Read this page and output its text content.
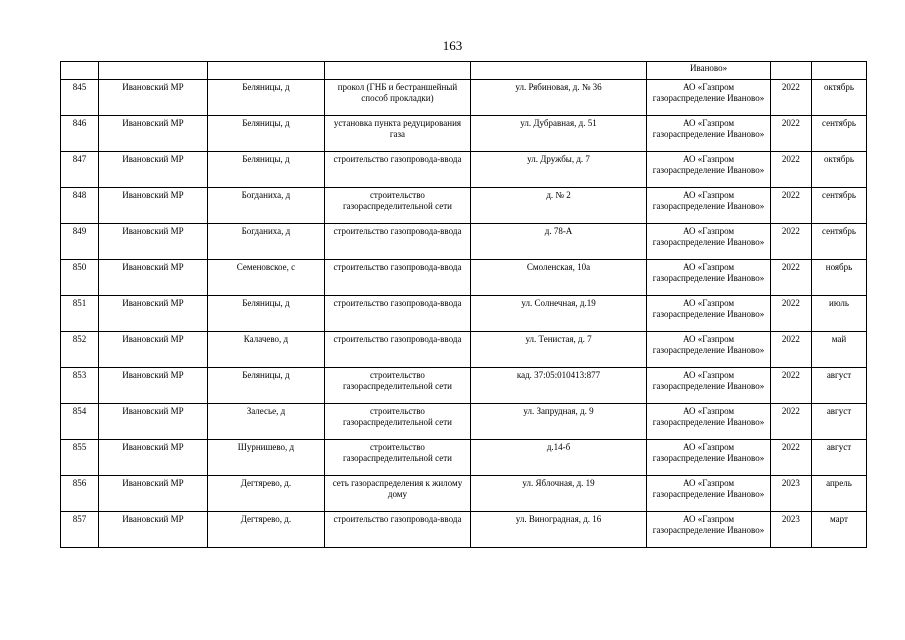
163
					Иваново»		
845	Ивановский МР	Беляницы, д	прокол (ГНБ и бестраншейный способ прокладки)	ул. Рябиновая, д. № 36	АО «Газпром газораспределение Иваново»	2022	октябрь
846	Ивановский МР	Беляницы, д	установка пункта редуцирования газа	ул. Дубравная, д. 51	АО «Газпром газораспределение Иваново»	2022	сентябрь
847	Ивановский МР	Беляницы, д	строительство газопровода-ввода	ул. Дружбы, д. 7	АО «Газпром газораспределение Иваново»	2022	октябрь
848	Ивановский МР	Богданиха, д	строительство газораспределительной сети	д. № 2	АО «Газпром газораспределение Иваново»	2022	сентябрь
849	Ивановский МР	Богданиха, д	строительство газопровода-ввода	д. 78-А	АО «Газпром газораспределение Иваново»	2022	сентябрь
850	Ивановский МР	Семеновское, с	строительство газопровода-ввода	Смоленская, 10а	АО «Газпром газораспределение Иваново»	2022	ноябрь
851	Ивановский МР	Беляницы, д	строительство газопровода-ввода	ул. Солнечная, д.19	АО «Газпром газораспределение Иваново»	2022	июль
852	Ивановский МР	Калачево, д	строительство газопровода-ввода	ул. Тенистая, д. 7	АО «Газпром газораспределение Иваново»	2022	май
853	Ивановский МР	Беляницы, д	строительство газораспределительной сети	кад. 37:05:010413:877	АО «Газпром газораспределение Иваново»	2022	август
854	Ивановский МР	Залесье, д	строительство газораспределительной сети	ул. Запрудная, д. 9	АО «Газпром газораспределение Иваново»	2022	август
855	Ивановский МР	Шурнишево, д	строительство газораспределительной сети	д.14-б	АО «Газпром газораспределение Иваново»	2022	август
856	Ивановский МР	Дегтярево, д.	сеть газораспределения к жилому дому	ул. Яблочная, д. 19	АО «Газпром газораспределение Иваново»	2023	апрель
857	Ивановский МР	Дегтярево, д.	строительство газопровода-ввода	ул. Виноградная, д. 16	АО «Газпром газораспределение Иваново»	2023	март
